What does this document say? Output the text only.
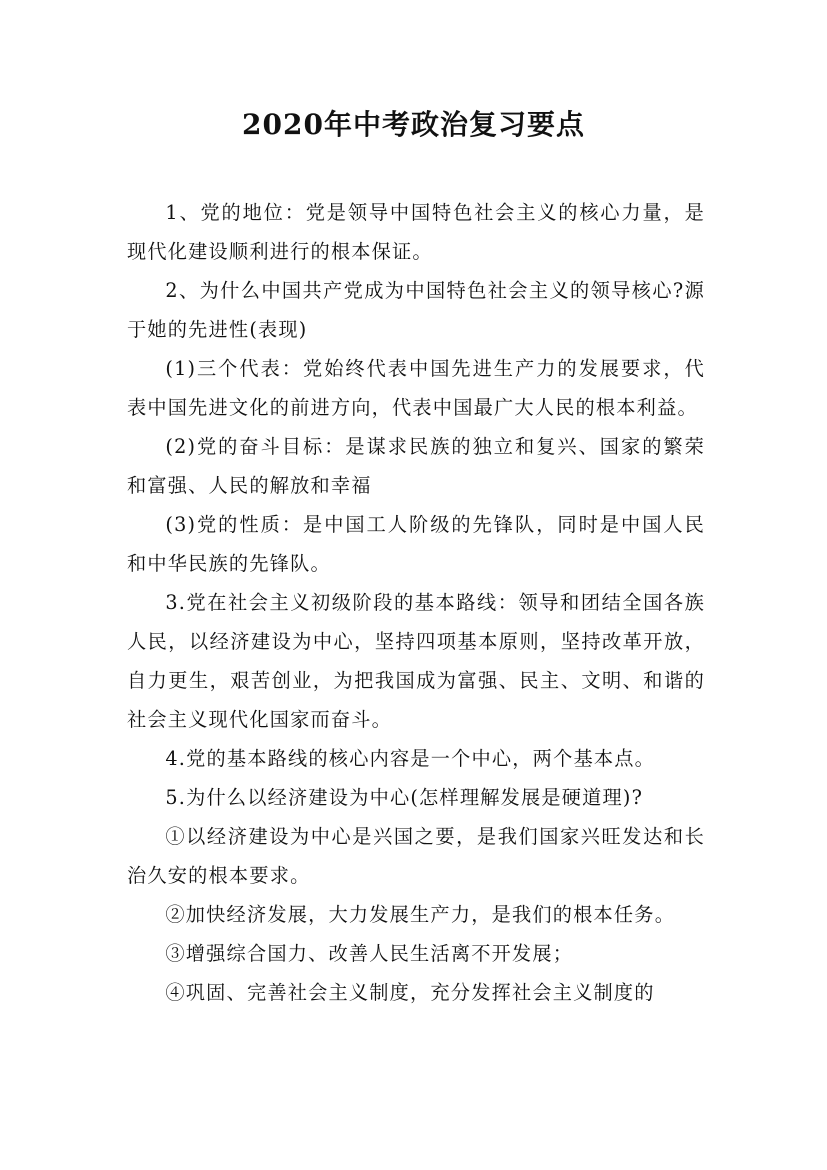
2020年中考政治复习要点

1、党的地位：党是领导中国特色社会主义的核心力量，是现代化建设顺利进行的根本保证。

2、为什么中国共产党成为中国特色社会主义的领导核心?源于她的先进性(表现)

(1)三个代表：党始终代表中国先进生产力的发展要求，代表中国先进文化的前进方向，代表中国最广大人民的根本利益。

(2)党的奋斗目标：是谋求民族的独立和复兴、国家的繁荣和富强、人民的解放和幸福

(3)党的性质：是中国工人阶级的先锋队，同时是中国人民和中华民族的先锋队。

3.党在社会主义初级阶段的基本路线：领导和团结全国各族人民，以经济建设为中心，坚持四项基本原则，坚持改革开放，自力更生，艰苦创业，为把我国成为富强、民主、文明、和谐的社会主义现代化国家而奋斗。

4.党的基本路线的核心内容是一个中心，两个基本点。

5.为什么以经济建设为中心(怎样理解发展是硬道理)?

①以经济建设为中心是兴国之要，是我们国家兴旺发达和长治久安的根本要求。

②加快经济发展，大力发展生产力，是我们的根本任务。

③增强综合国力、改善人民生活离不开发展；

④巩固、完善社会主义制度，充分发挥社会主义制度的
